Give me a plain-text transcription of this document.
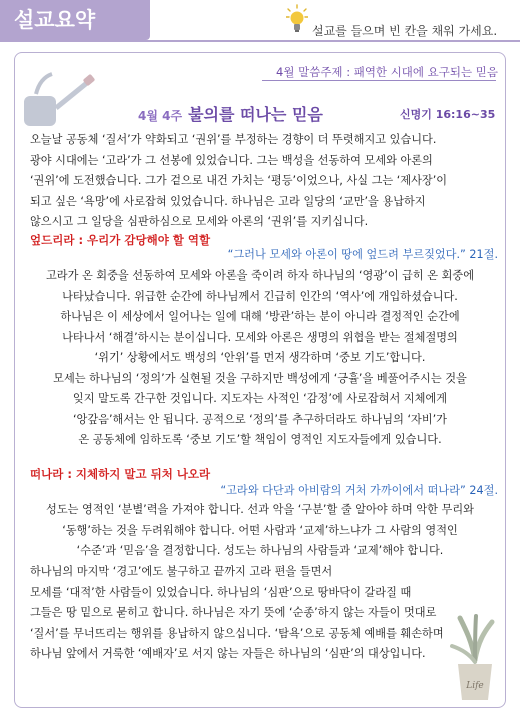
설교요약	설교를 들으며 빈 칸을 채워 가세요.
4월 말씀주제 : 패역한 시대에 요구되는 믿음
4월 4주 불의를 떠나는 믿음	신명기 16:16~35
오늘날 공동체 ‘질서’가 약화되고 ‘권위’를 부정하는 경향이 더 뚜렷해지고 있습니다.
광야 시대에는 ‘고라’가 그 선봉에 있었습니다. 그는 백성을 선동하여 모세와 아론의
‘권위’에 도전했습니다. 그가 겉으로 내건 가치는 ‘평등’이었으나, 사실 그는 ‘제사장’이
되고 싶은 ‘욕망’에 사로잡혀 있었습니다. 하나님은 고라 일당의 ‘교만’을 용납하지
않으시고 그 일당을 심판하심으로 모세와 아론의 ‘권위’를 지키십니다.
엎드리라 : 우리가 감당해야 할 역할
“그러나 모세와 아론이 땅에 엎드려 부르짖었다.” 21절.
고라가 온 회중을 선동하여 모세와 아론을 죽이려 하자 하나님의 ‘영광’이 급히 온 회중에
나타났습니다. 위급한 순간에 하나님께서 긴급히 인간의 ‘역사’에 개입하셨습니다.
하나님은 이 세상에서 일어나는 일에 대해 ‘방관’하는 분이 아니라 결정적인 순간에
나타나서 ‘해결’하시는 분이십니다. 모세와 아론은 생명의 위협을 받는 절체절명의
‘위기’ 상황에서도 백성의 ‘안위’를 먼저 생각하며 ‘중보 기도’합니다.
모세는 하나님의 ‘정의’가 실현될 것을 구하지만 백성에게 ‘긍휼’을 베풀어주시는 것을
잊지 말도록 간구한 것입니다. 지도자는 사적인 ‘감정’에 사로잡혀서 지체에게
‘앙갚음’해서는 안 됩니다. 공적으로 ‘정의’를 추구하더라도 하나님의 ‘자비’가
온 공동체에 임하도록 ‘중보 기도’할 책임이 영적인 지도자들에게 있습니다.
떠나라 : 지체하지 말고 뒤처 나오라
“고라와 다단과 아비람의 거처 가까이에서 떠나라” 24절.
성도는 영적인 ‘분별’력을 가져야 합니다. 선과 악을 ‘구분’할 줄 알아야 하며 악한 무리와
‘동행’하는 것을 두려워해야 합니다. 어떤 사람과 ‘교제’하느냐가 그 사람의 영적인
‘수준’과 ‘믿음’을 결정합니다. 성도는 하나님의 사람들과 ‘교제’해야 합니다.
하나님의 마지막 ‘경고’에도 불구하고 끝까지 고라 편을 들면서
모세를 ‘대적’한 사람들이 있었습니다. 하나님의 ‘심판’으로 땅바닥이 갈라질 때
그들은 땅 밑으로 묻히고 합니다. 하나님은 자기 뜻에 ‘순종’하지 않는 자들이 멋대로
‘질서’를 무너뜨리는 행위를 용납하지 않으십니다. ‘탐욕’으로 공동체 예배를 훼손하며
하나님 앞에서 거룩한 ‘예배자’로 서지 않는 자들은 하나님의 ‘심판’의 대상입니다.
Life
